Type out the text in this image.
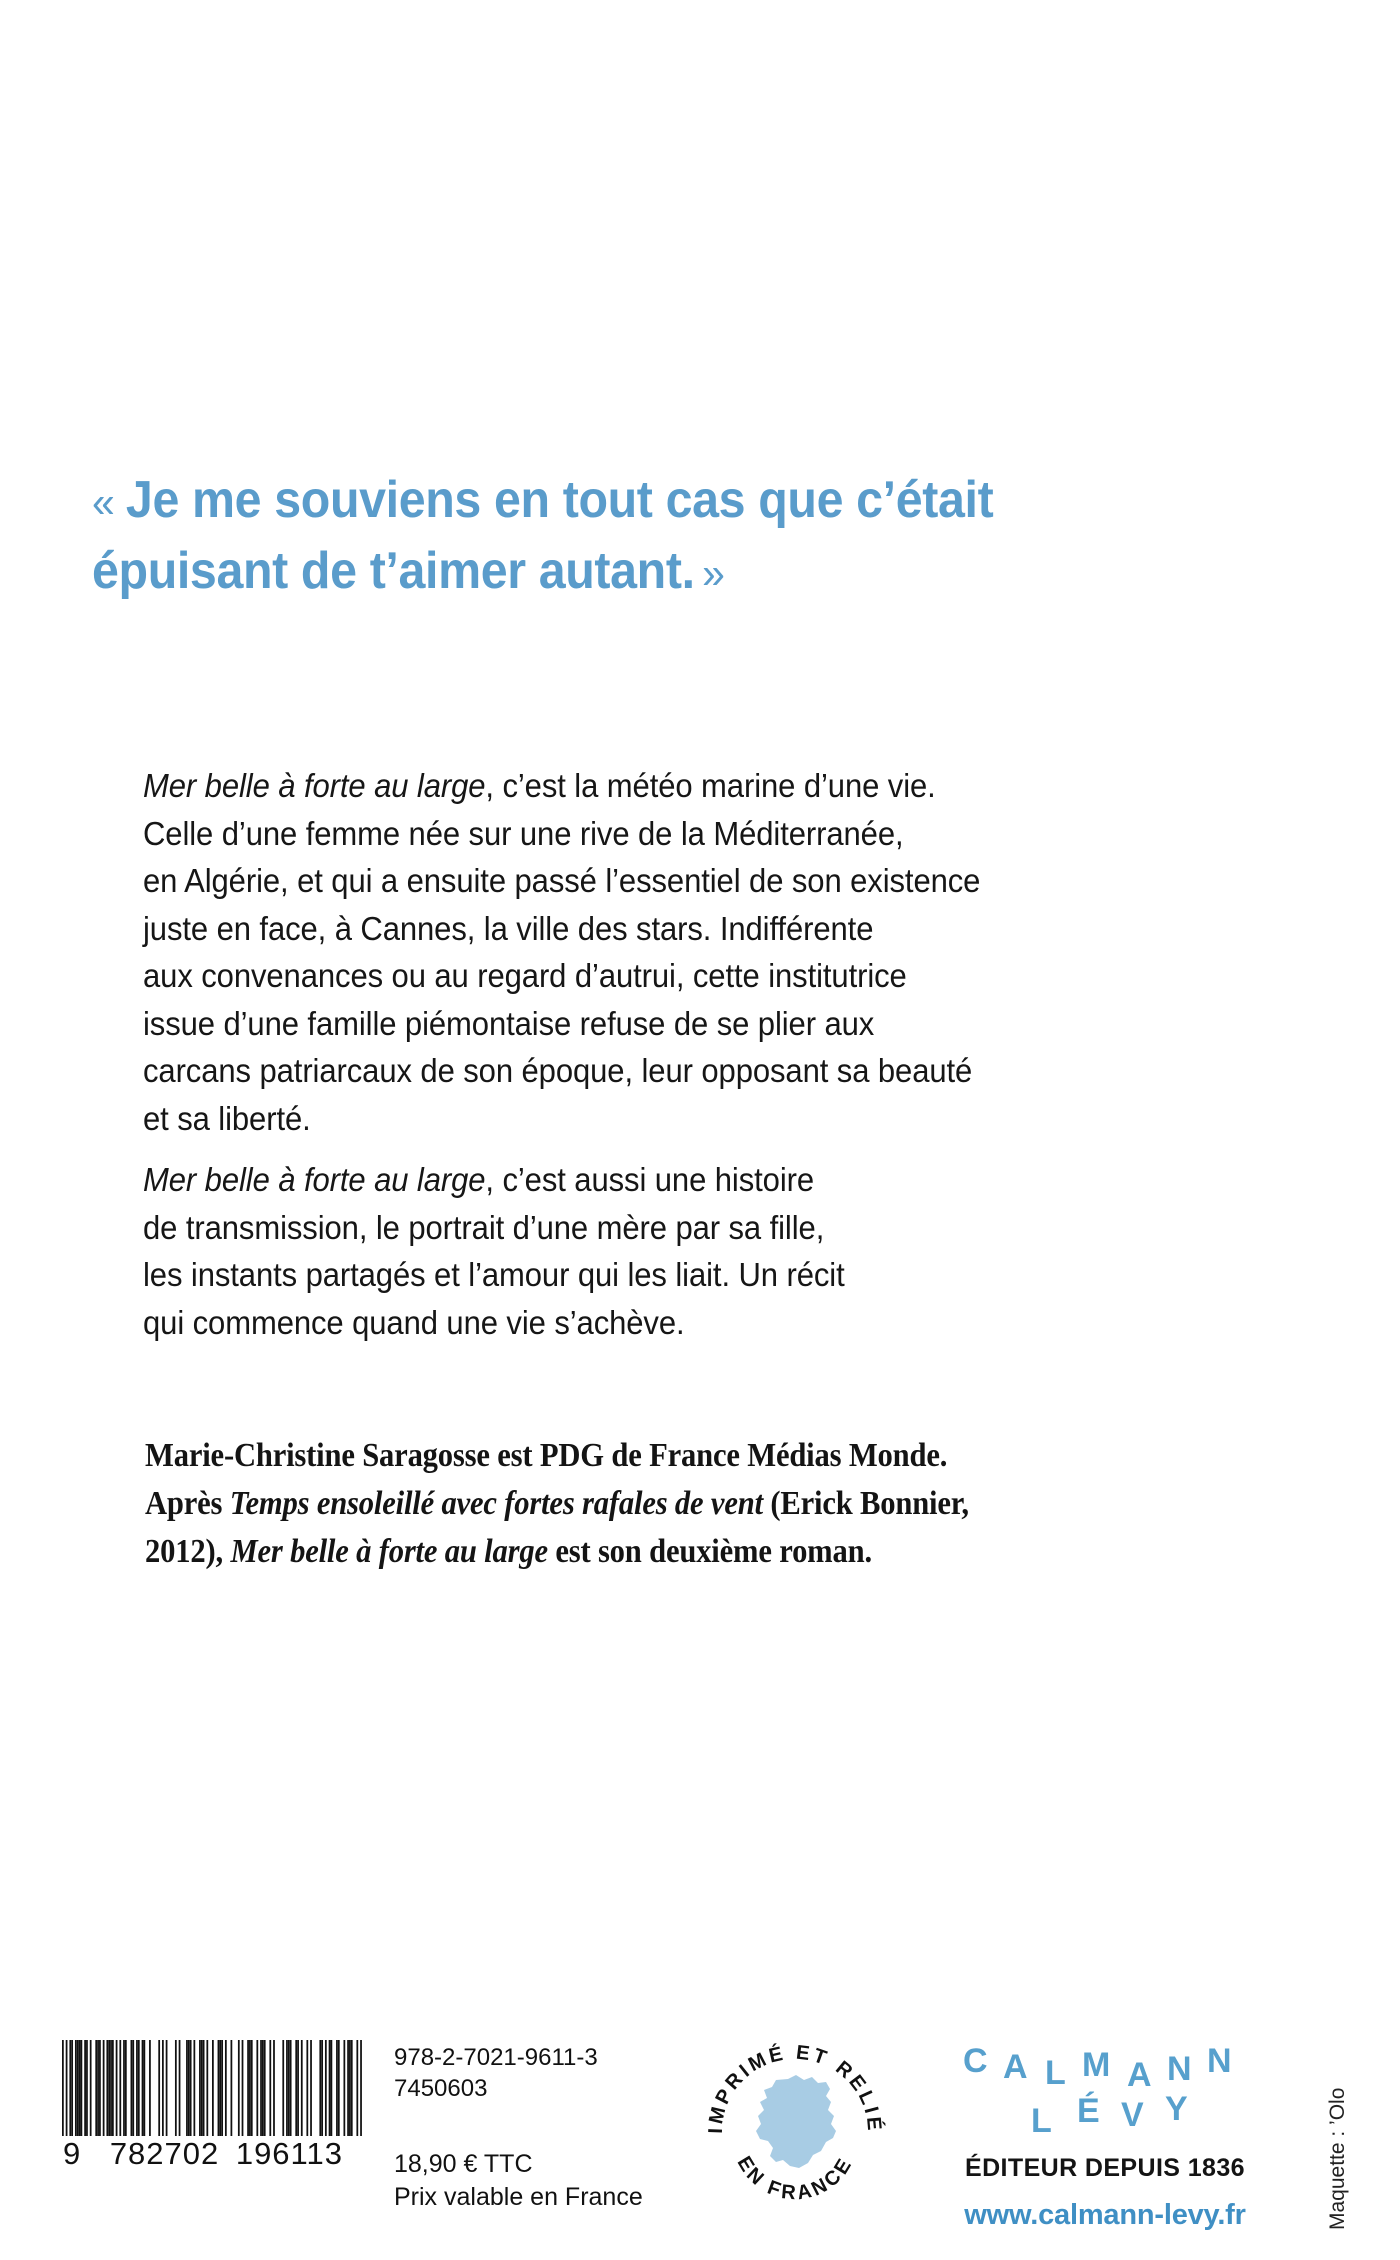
« Je me souviens en tout cas que c’était
épuisant de t’aimer autant. »
Mer belle à forte au large, c’est la météo marine d’une vie.
Celle d’une femme née sur une rive de la Méditerranée,
en Algérie, et qui a ensuite passé l’essentiel de son existence
juste en face, à Cannes, la ville des stars. Indifférente
aux convenances ou au regard d’autrui, cette institutrice
issue d’une famille piémontaise refuse de se plier aux
carcans patriarcaux de son époque, leur opposant sa beauté
et sa liberté.
Mer belle à forte au large, c’est aussi une histoire
de transmission, le portrait d’une mère par sa fille,
les instants partagés et l’amour qui les liait. Un récit
qui commence quand une vie s’achève.
Marie-Christine Saragosse est PDG de France Médias Monde.
Après Temps ensoleillé avec fortes rafales de vent (Erick Bonnier,
2012), Mer belle à forte au large est son deuxième roman.
9 782702 196113
978-2-7021-9611-3
7450603
18,90 € TTC
Prix valable en France
IMPRIMÉ ET RELIÉ
EN FRANCE
C A L M A N N
L É V Y
ÉDITEUR DEPUIS 1836
www.calmann-levy.fr	Maquette : ’Olo
